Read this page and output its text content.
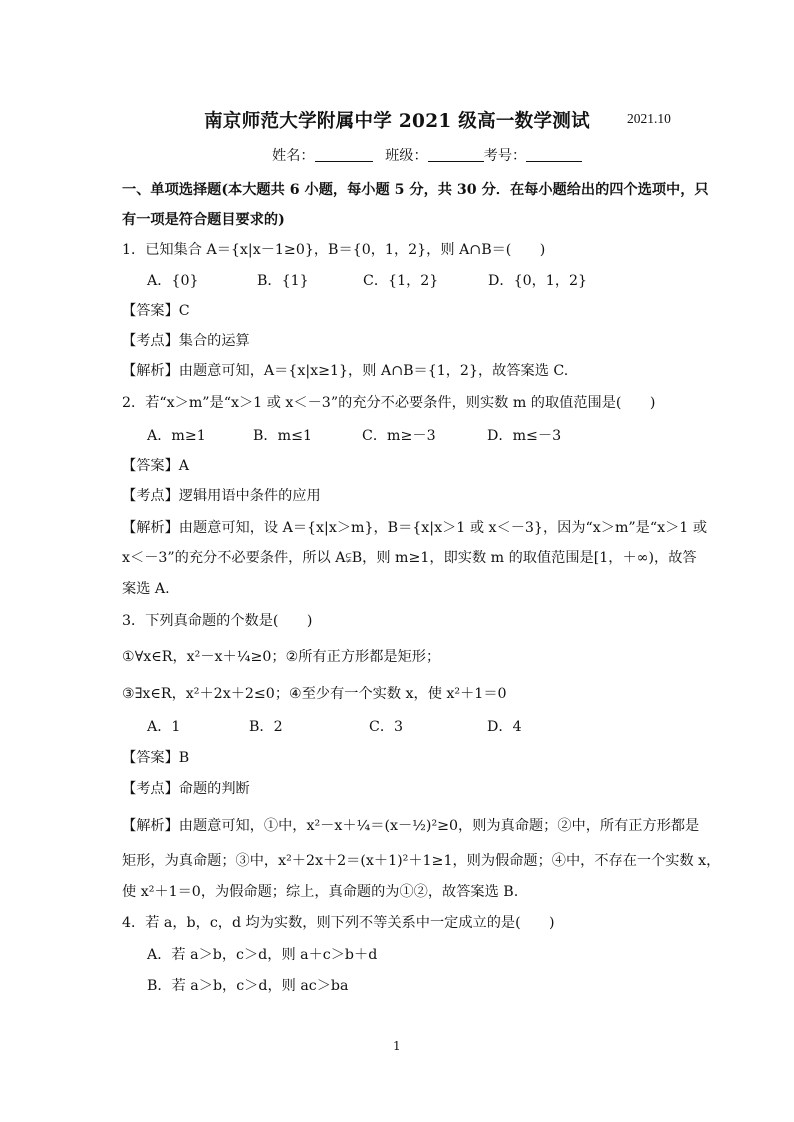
南京师范大学附属中学 2021 级高一数学测试	2021.10
姓名：	班级：	考号：
一、单项选择题(本大题共 6 小题，每小题 5 分，共 30 分．在每小题给出的四个选项中，只
有一项是符合题目要求的)
1．已知集合 A＝{x|x－1≥0}，B＝{0，1，2}，则 A∩B＝(　　)
A．{0}	B．{1}	C．{1，2}	D．{0，1，2}
【答案】C
【考点】集合的运算
【解析】由题意可知，A＝{x|x≥1}，则 A∩B＝{1，2}，故答案选 C.
2．若“x＞m”是“x＞1 或 x＜－3”的充分不必要条件，则实数 m 的取值范围是(　　)
A．m≥1	B．m≤1	C．m≥－3	D．m≤－3
【答案】A
【考点】逻辑用语中条件的应用
【解析】由题意可知，设 A＝{x|x＞m}，B＝{x|x＞1 或 x＜－3}，因为“x＞m”是“x＞1 或
x＜－3”的充分不必要条件，所以 A⫋B，则 m≥1，即实数 m 的取值范围是[1，＋∞)，故答
案选 A.
3．下列真命题的个数是(　　)
①∀x∈R，x²－x＋¼≥0；②所有正方形都是矩形；
③∃x∈R，x²＋2x＋2≤0；④至少有一个实数 x，使 x²＋1＝0
A．1	B．2	C．3	D．4
【答案】B
【考点】命题的判断
【解析】由题意可知，①中，x²－x＋¼＝(x－½)²≥0，则为真命题；②中，所有正方形都是
矩形，为真命题；③中，x²＋2x＋2＝(x＋1)²＋1≥1，则为假命题；④中，不存在一个实数 x，
使 x²＋1＝0，为假命题；综上，真命题的为①②，故答案选 B.
4．若 a，b，c，d 均为实数，则下列不等关系中一定成立的是(　　)
A．若 a＞b，c＞d，则 a＋c＞b＋d
B．若 a＞b，c＞d，则 ac＞ba
1
